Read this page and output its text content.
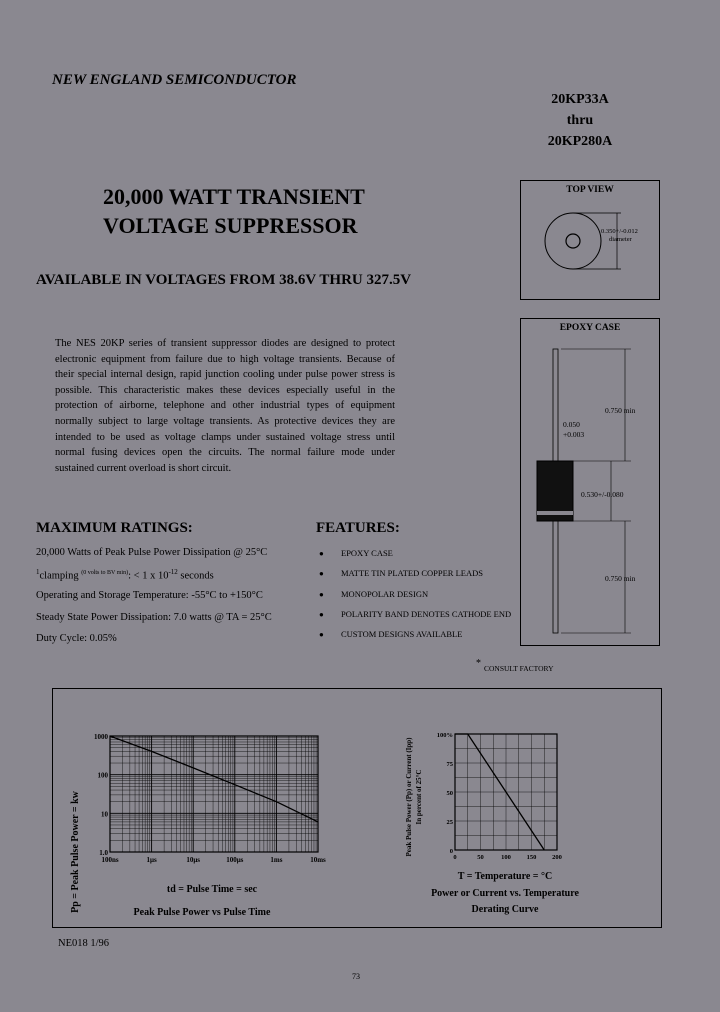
NEW ENGLAND SEMICONDUCTOR
20KP33A
thru
20KP280A
20,000 WATT TRANSIENT
VOLTAGE SUPPRESSOR
AVAILABLE IN VOLTAGES FROM 38.6V THRU 327.5V
TOP VIEW
0.350+/-0.012
diameter
EPOXY CASE
0.750 min
0.050
+0.003
0.530+/-0.080
0.750 min
The NES 20KP series of transient suppressor diodes are designed to protect electronic equipment from failure due to high voltage transients. Because of their special internal design, rapid junction cooling under pulse power stress is possible. This characteristic makes these devices especially useful in the protection of airborne, telephone and other industrial types of equipment normally subject to large voltage transients. As protective devices they are intended to be used as voltage clamps under sustained voltage stress until normal fusing devices open the circuits. The normal failure mode under sustained current overload is short circuit.
MAXIMUM RATINGS:
20,000 Watts of Peak Pulse Power Dissipation @ 25°C
$^1$clamping $^{(0 volts to BV min)}$: < 1 x $10^{-12}$ seconds
Operating and Storage Temperature: -55°C to +150°C
Steady State Power Dissipation: 7.0 watts @ TA = 25°C
Duty Cycle: 0.05%
FEATURES:
● EPOXY CASE
● MATTE TIN PLATED COPPER LEADS
● MONOPOLAR DESIGN
● POLARITY BAND DENOTES CATHODE END
● CUSTOM DESIGNS AVAILABLE
* CONSULT FACTORY
Pp = Peak Pulse Power = kw
1000
100
10
1.0
100ns	1μs	10μs	100μs	1ms	10ms
td = Pulse Time = sec
Peak Pulse Power vs Pulse Time
Peak Pulse Power (Pp) or Current (Ipp) In percent of 25°C
100%
75
50
25
0
0	50	100 150 200
T = Temperature = °C
Power or Current vs. Temperature
Derating Curve
NE018 1/96
73
